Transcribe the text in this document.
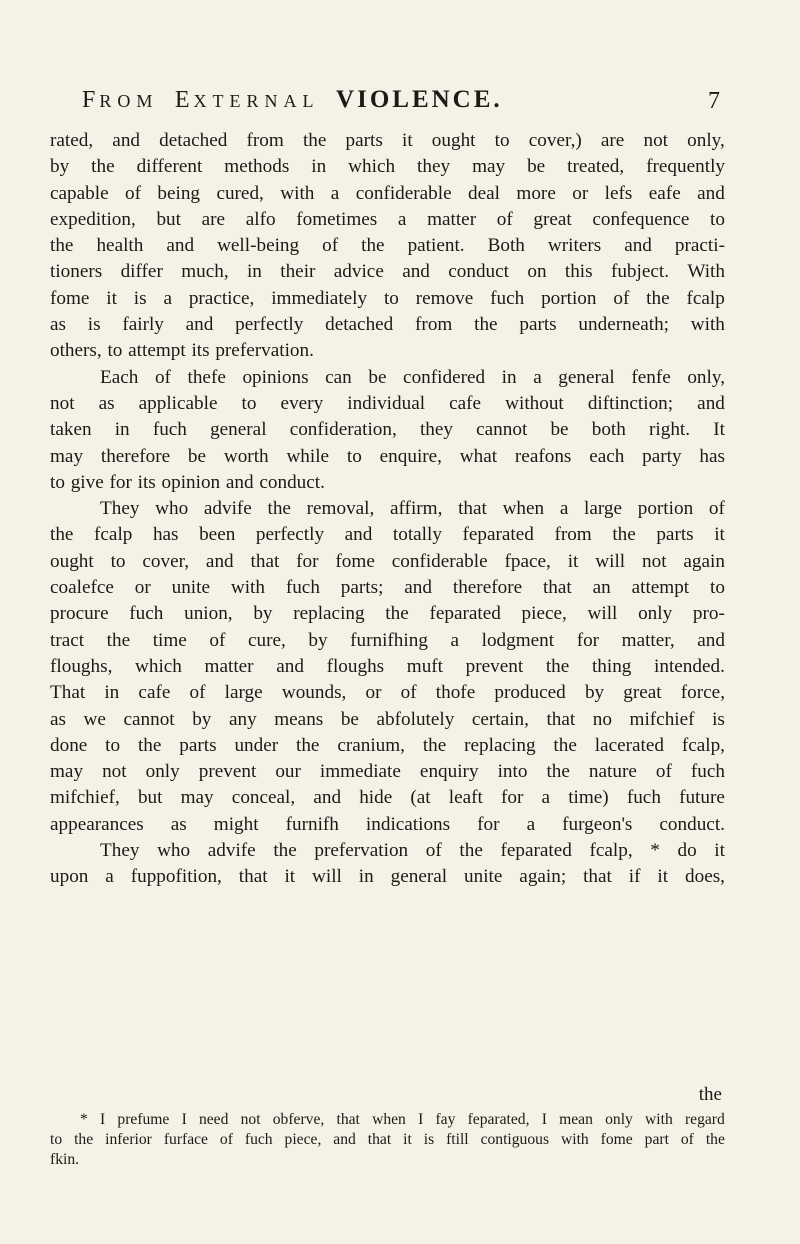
FROM EXTERNAL VIOLENCE.	7
rated, and detached from the parts it ought to cover,) are not only,
by the different methods in which they may be treated, frequently
capable of being cured, with a confiderable deal more or lefs eafe and
expedition, but are alfo fometimes a matter of great confequence to
the health and well-being of the patient. Both writers and practi-
tioners differ much, in their advice and conduct on this fubject. With
fome it is a practice, immediately to remove fuch portion of the fcalp
as is fairly and perfectly detached from the parts underneath; with
others, to attempt its prefervation.
Each of thefe opinions can be confidered in a general fenfe only,
not as applicable to every individual cafe without diftinction; and
taken in fuch general confideration, they cannot be both right. It
may therefore be worth while to enquire, what reafons each party has
to give for its opinion and conduct.
They who advife the removal, affirm, that when a large portion of
the fcalp has been perfectly and totally feparated from the parts it
ought to cover, and that for fome confiderable fpace, it will not again
coalefce or unite with fuch parts; and therefore that an attempt to
procure fuch union, by replacing the feparated piece, will only pro-
tract the time of cure, by furnifhing a lodgment for matter, and
floughs, which matter and floughs muft prevent the thing intended.
That in cafe of large wounds, or of thofe produced by great force,
as we cannot by any means be abfolutely certain, that no mifchief is
done to the parts under the cranium, the replacing the lacerated fcalp,
may not only prevent our immediate enquiry into the nature of fuch
mifchief, but may conceal, and hide (at leaft for a time) fuch future
appearances as might furnifh indications for a furgeon's conduct.
They who advife the prefervation of the feparated fcalp, * do it
upon a fuppofition, that it will in general unite again; that if it does,
the
* I prefume I need not obferve, that when I fay feparated, I mean only with regard
to the inferior furface of fuch piece, and that it is ftill contiguous with fome part of the
fkin.
